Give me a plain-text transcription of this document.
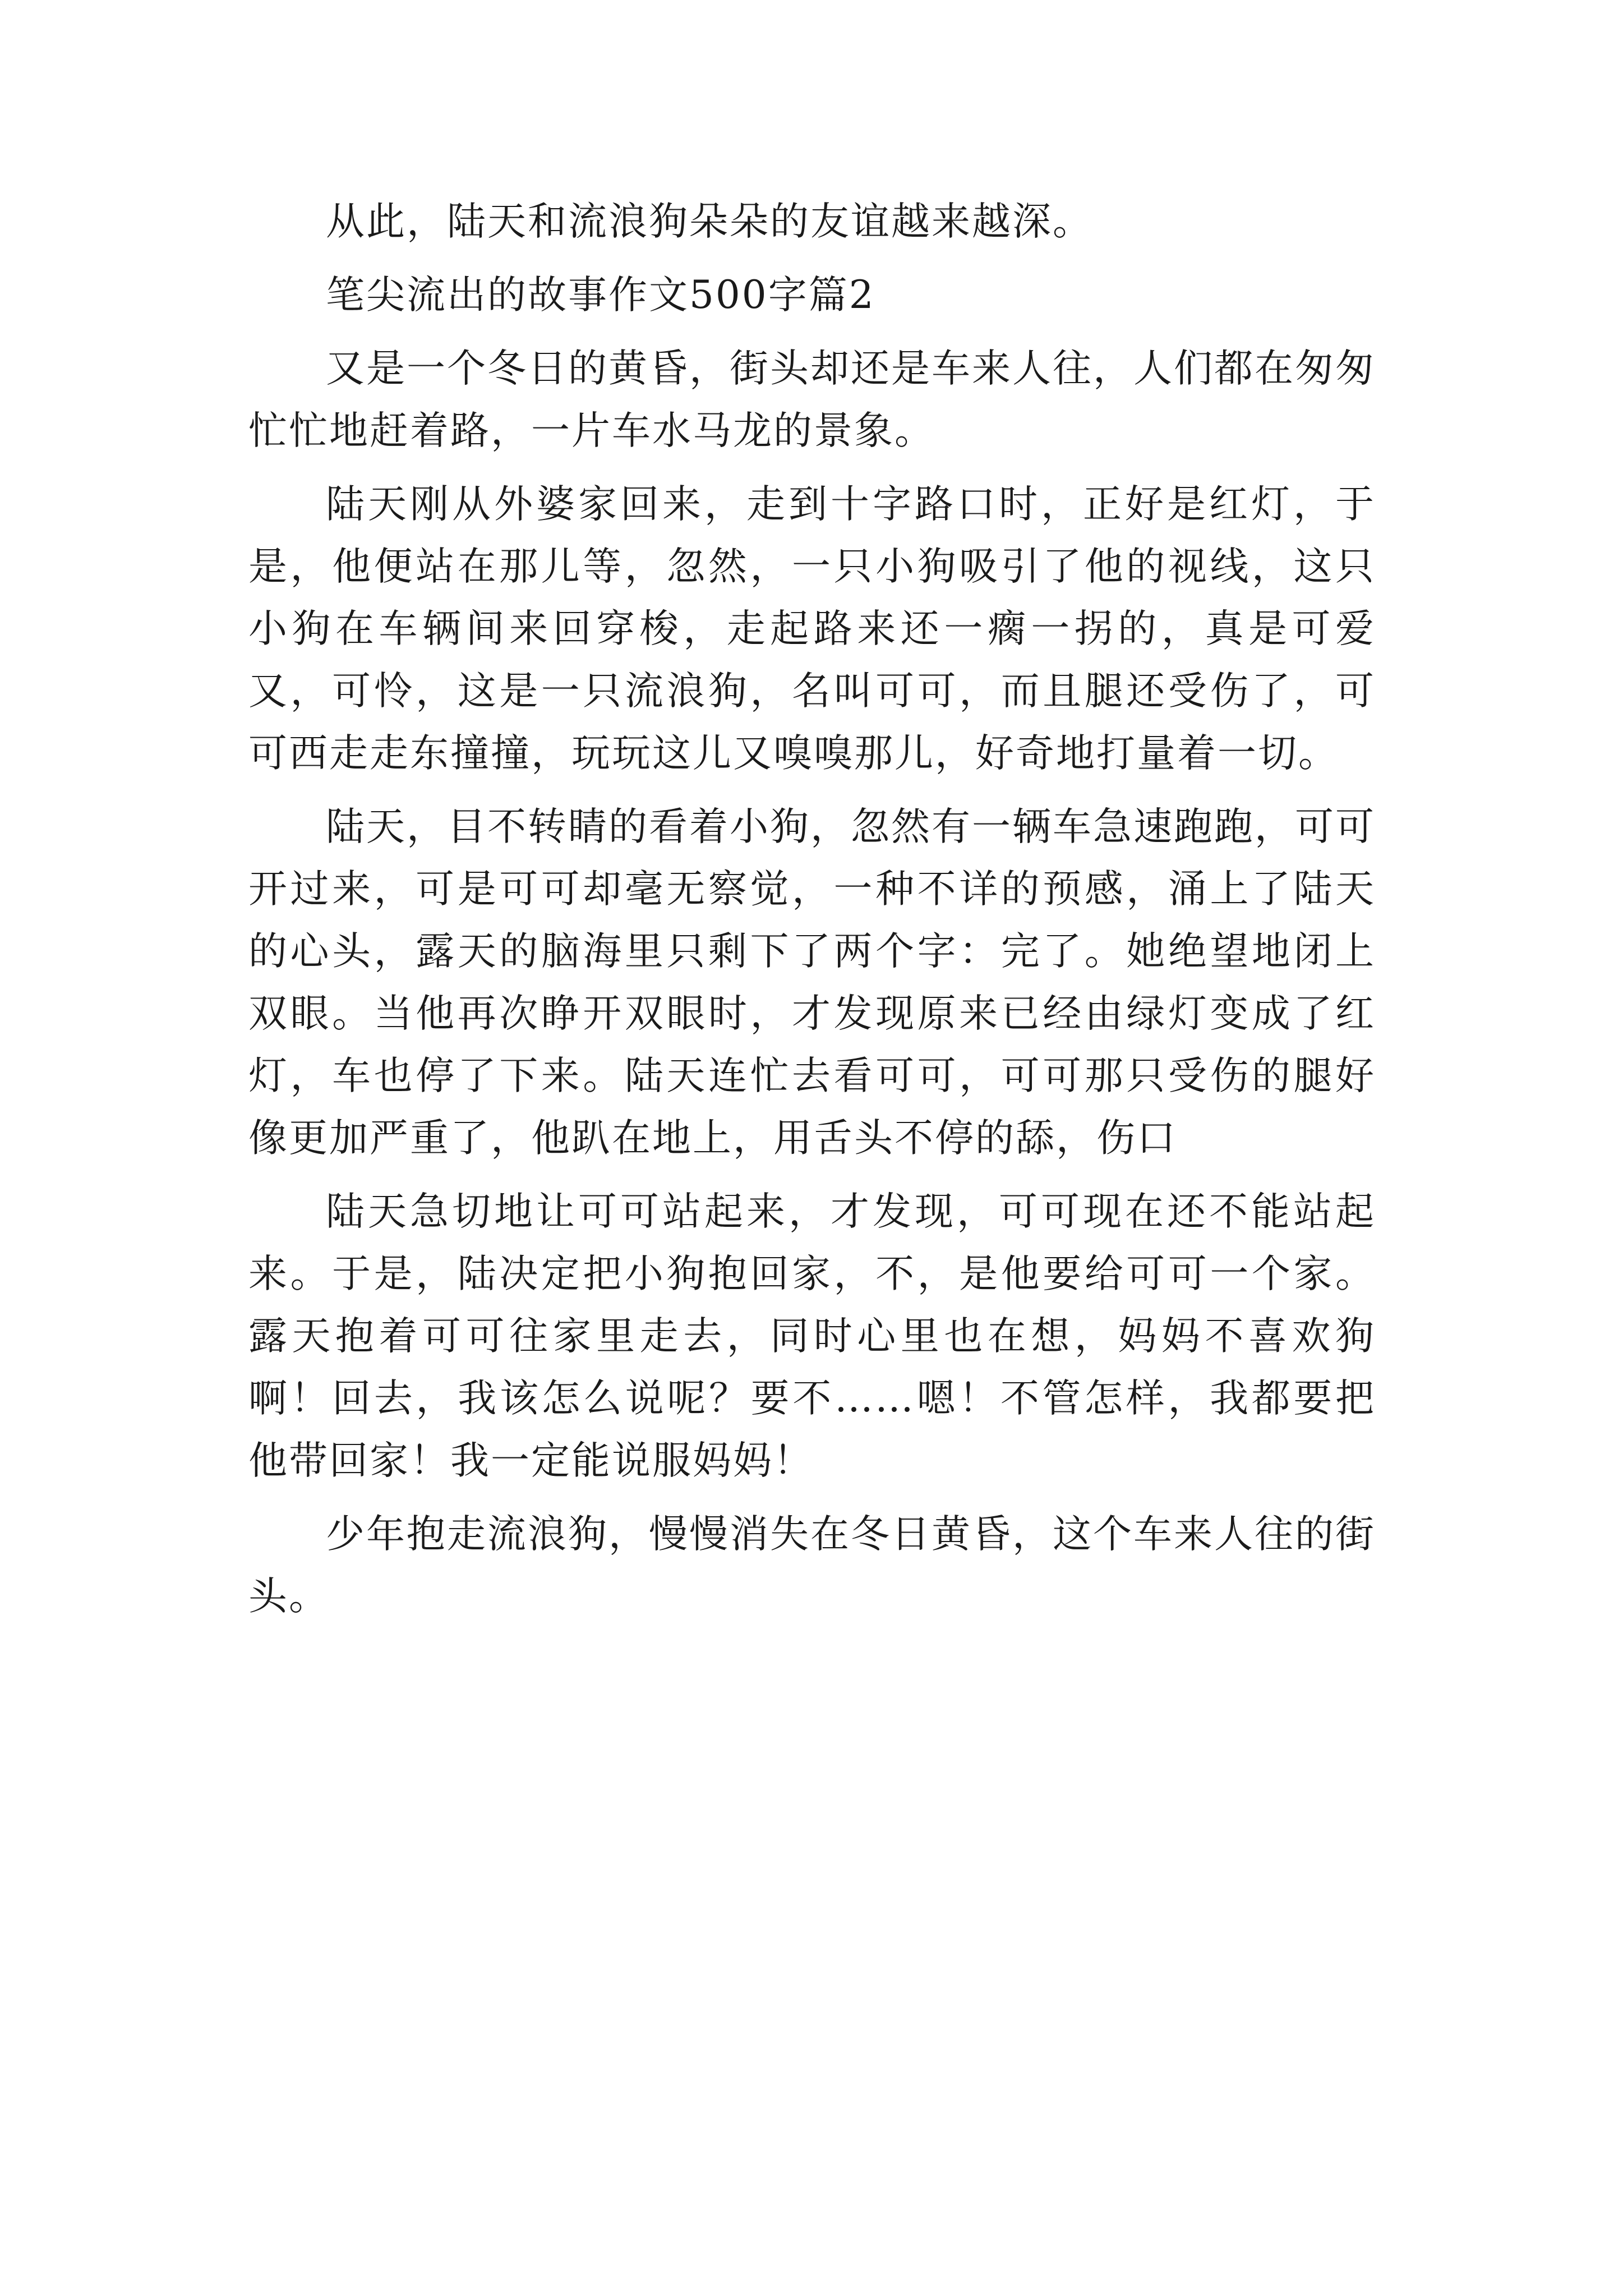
从此，陆天和流浪狗朵朵的友谊越来越深。

笔尖流出的故事作文500字篇2

又是一个冬日的黄昏，街头却还是车来人往，人们都在匆匆忙忙地赶着路，一片车水马龙的景象。

陆天刚从外婆家回来，走到十字路口时，正好是红灯，于是，他便站在那儿等，忽然，一只小狗吸引了他的视线，这只小狗在车辆间来回穿梭，走起路来还一瘸一拐的，真是可爱又，可怜，这是一只流浪狗，名叫可可，而且腿还受伤了，可可西走走东撞撞，玩玩这儿又嗅嗅那儿，好奇地打量着一切。

陆天，目不转睛的看着小狗，忽然有一辆车急速跑跑，可可开过来，可是可可却毫无察觉，一种不详的预感，涌上了陆天的心头，露天的脑海里只剩下了两个字：完了。她绝望地闭上双眼。当他再次睁开双眼时，才发现原来已经由绿灯变成了红灯，车也停了下来。陆天连忙去看可可，可可那只受伤的腿好像更加严重了，他趴在地上，用舌头不停的舔，伤口

陆天急切地让可可站起来，才发现，可可现在还不能站起来。于是，陆决定把小狗抱回家，不，是他要给可可一个家。露天抱着可可往家里走去，同时心里也在想，妈妈不喜欢狗啊！回去，我该怎么说呢？要不……嗯！不管怎样，我都要把他带回家！我一定能说服妈妈！

少年抱走流浪狗，慢慢消失在冬日黄昏，这个车来人往的街头。
